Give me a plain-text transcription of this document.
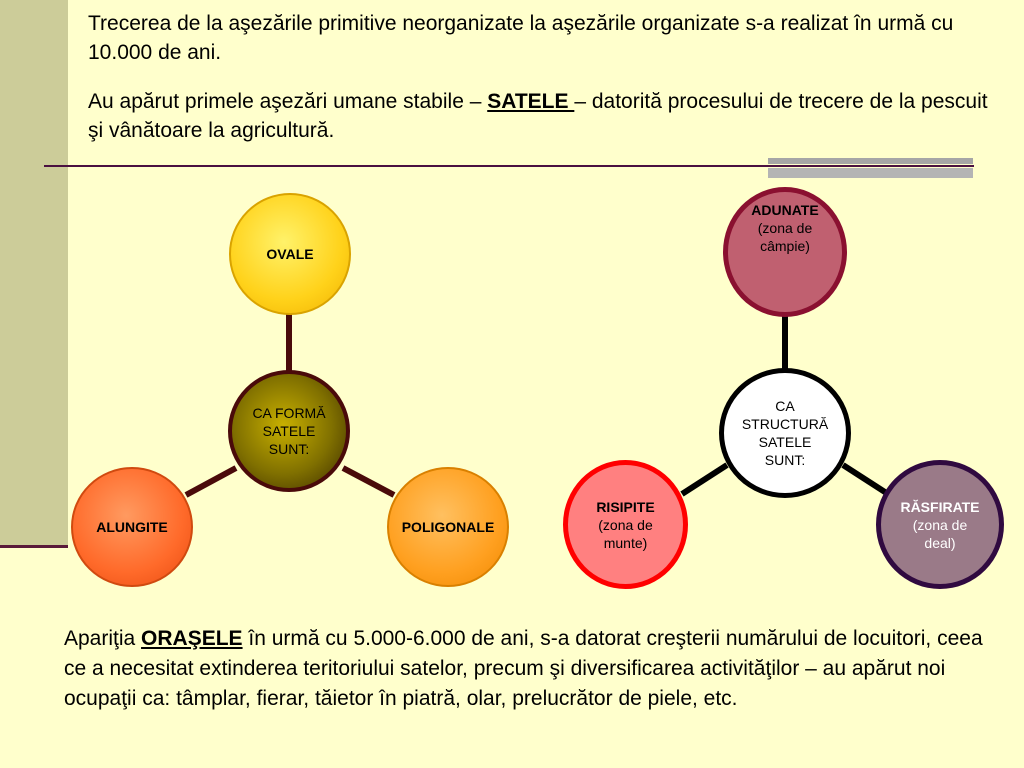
Trecerea de la aşezările primitive neorganizate la aşezările organizate s-a realizat în urmă cu 10.000 de ani.

Au apărut primele aşezări umane stabile – SATELE – datorită procesului de trecere de la pescuit şi vânătoare la agricultură.

OVALE
ALUNGITE	POLIGONALE
CA FORMĂ
SATELE
SUNT:
ADUNATE
(zona de
câmpie)
CA
STRUCTURĂ
SATELE
SUNT:
RISIPITE
(zona de
munte)
RĂSFIRATE
(zona de
deal)

Apariţia ORAŞELE în urmă cu 5.000-6.000 de ani, s-a datorat creşterii numărului de locuitori, ceea ce a necesitat extinderea teritoriului satelor, precum şi diversificarea activităţilor – au apărut noi ocupaţii ca: tâmplar, fierar, tăietor în piatră, olar, prelucrător de piele, etc.
